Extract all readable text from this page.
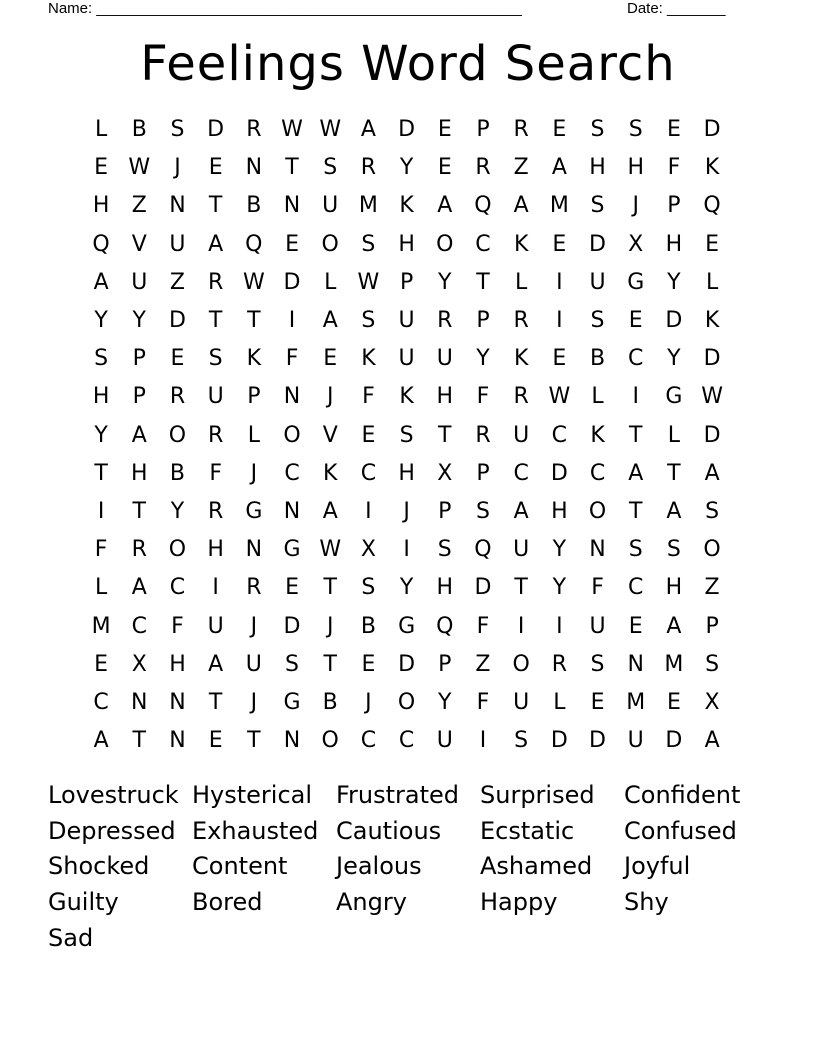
Name: ___________________________________________________	Date: _______
Feelings Word Search
L	B	S	D	R W W A	D	E	P	R	E	S	S	E	D
E W	J	E	N	T	S	R	Y	E	R	Z	A	H H	F	K
H	Z	N	T	B	N U M K	A Q	A M S	J	P	Q
Q	V	U	A Q	E	O	S	H O C	K	E	D	X	H	E
A	U	Z	R W D	L W P	Y	T	L	I	U G	Y	L
Y	Y	D	T	T	I	A	S	U	R	P	R	I	S	E	D	K
S	P	E	S	K	F	E	K	U	U	Y	K	E	B	C	Y	D
H	P	R	U	P	N	J	F	K	H	F	R W L	I	G W
Y	A O R	L	O	V	E	S	T	R	U	C	K	T	L	D
T	H	B	F	J	C	K	C	H	X	P	C	D	C	A	T	A
I	T	Y	R	G N	A	I	J	P	S	A	H O	T	A	S
F	R O H N G W X	I	S	Q U	Y	N	S	S	O
L	A	C	I	R	E	T	S	Y	H D	T	Y	F	C	H	Z
M C	F	U	J	D	J	B	G Q	F	I	I	U	E	A	P
E	X	H	A	U	S	T	E	D	P	Z O R	S	N M S
C	N N	T	J	G	B	J	O	Y	F	U	L	E M E	X
A	T	N	E	T	N O C	C	U	I	S	D D U D	A
Lovestruck Hysterical Frustrated Surprised	Confident
Depressed Exhausted Cautious	Ecstatic	Confused
Shocked	Content	Jealous	Ashamed	Joyful
Guilty	Bored	Angry	Happy	Shy
Sad
